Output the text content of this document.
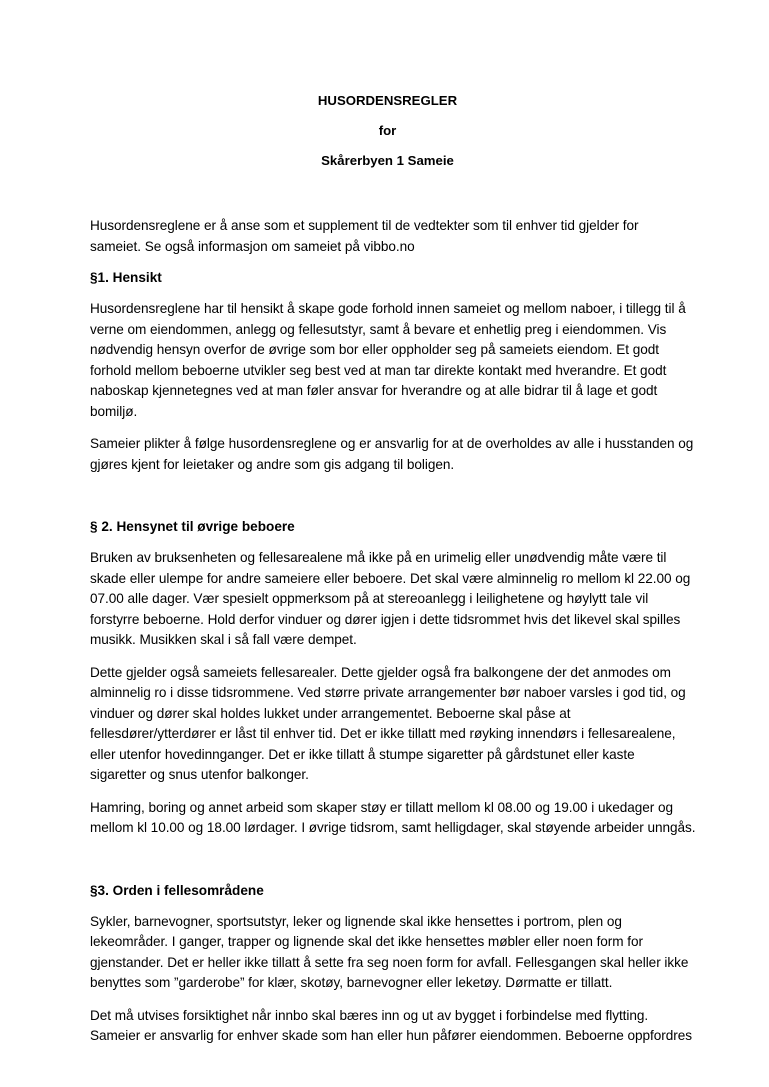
HUSORDENSREGLER

for

Skårerbyen 1 Sameie

Husordensreglene er å anse som et supplement til de vedtekter som til enhver tid gjelder for
sameiet. Se også informasjon om sameiet på vibbo.no

§1. Hensikt

Husordensreglene har til hensikt å skape gode forhold innen sameiet og mellom naboer, i tillegg til å
verne om eiendommen, anlegg og fellesutstyr, samt å bevare et enhetlig preg i eiendommen. Vis
nødvendig hensyn overfor de øvrige som bor eller oppholder seg på sameiets eiendom. Et godt
forhold mellom beboerne utvikler seg best ved at man tar direkte kontakt med hverandre. Et godt
naboskap kjennetegnes ved at man føler ansvar for hverandre og at alle bidrar til å lage et godt
bomiljø.

Sameier plikter å følge husordensreglene og er ansvarlig for at de overholdes av alle i husstanden og
gjøres kjent for leietaker og andre som gis adgang til boligen.

§ 2. Hensynet til øvrige beboere

Bruken av bruksenheten og fellesarealene må ikke på en urimelig eller unødvendig måte være til
skade eller ulempe for andre sameiere eller beboere. Det skal være alminnelig ro mellom kl 22.00 og
07.00 alle dager. Vær spesielt oppmerksom på at stereoanlegg i leilighetene og høylytt tale vil
forstyrre beboerne. Hold derfor vinduer og dører igjen i dette tidsrommet hvis det likevel skal spilles
musikk. Musikken skal i så fall være dempet.

Dette gjelder også sameiets fellesarealer. Dette gjelder også fra balkongene der det anmodes om
alminnelig ro i disse tidsrommene. Ved større private arrangementer bør naboer varsles i god tid, og
vinduer og dører skal holdes lukket under arrangementet. Beboerne skal påse at
fellesdører/ytterdører er låst til enhver tid. Det er ikke tillatt med røyking innendørs i fellesarealene,
eller utenfor hovedinnganger. Det er ikke tillatt å stumpe sigaretter på gårdstunet eller kaste
sigaretter og snus utenfor balkonger.

Hamring, boring og annet arbeid som skaper støy er tillatt mellom kl 08.00 og 19.00 i ukedager og
mellom kl 10.00 og 18.00 lørdager. I øvrige tidsrom, samt helligdager, skal støyende arbeider unngås.

§3. Orden i fellesområdene

Sykler, barnevogner, sportsutstyr, leker og lignende skal ikke hensettes i portrom, plen og
lekeområder. I ganger, trapper og lignende skal det ikke hensettes møbler eller noen form for
gjenstander. Det er heller ikke tillatt å sette fra seg noen form for avfall. Fellesgangen skal heller ikke
benyttes som ”garderobe” for klær, skotøy, barnevogner eller leketøy. Dørmatte er tillatt.

Det må utvises forsiktighet når innbo skal bæres inn og ut av bygget i forbindelse med flytting.
Sameier er ansvarlig for enhver skade som han eller hun påfører eiendommen. Beboerne oppfordres
